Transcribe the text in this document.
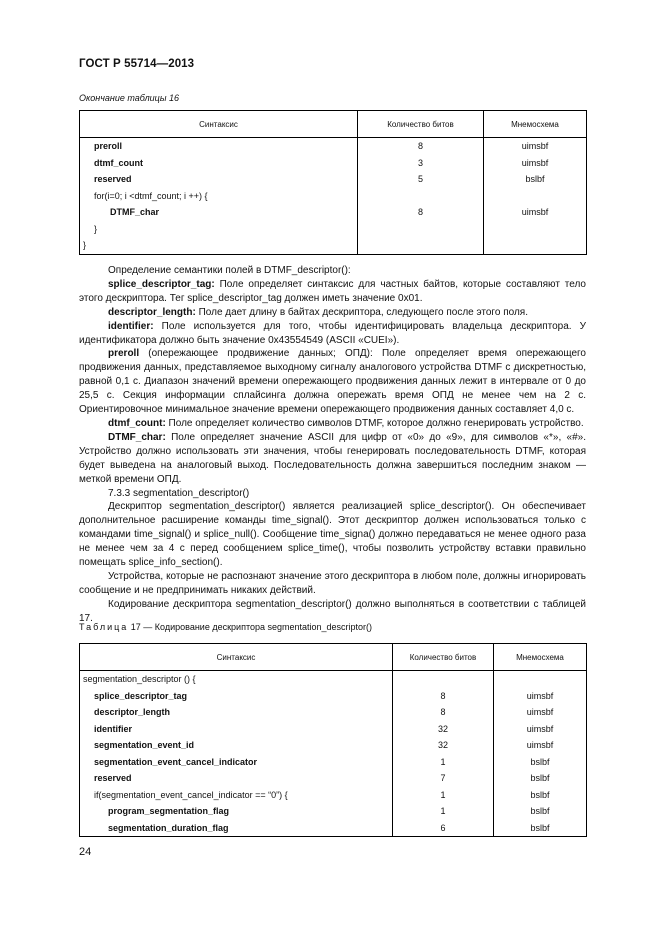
ГОСТ Р 55714—2013
Окончание таблицы 16
Синтаксис	Количество битов	Мнемосхема
preroll	8	uimsbf
dtmf_count	3	uimsbf
reserved	5	bslbf
for(i=0; i <dtmf_count; i ++) {		
DTMF_char	8	uimsbf
}		
}		

Определение семантики полей в DTMF_descriptor():

splice_descriptor_tag: Поле определяет синтаксис для частных байтов, которые составляют тело этого дескриптора. Тег splice_descriptor_tag должен иметь значение 0x01.

descriptor_length: Поле дает длину в байтах дескриптора, следующего после этого поля.

identifier: Поле используется для того, чтобы идентифицировать владельца дескриптора. У идентификатора должно быть значение 0x43554549 (ASCII «CUEI»).

preroll (опережающее продвижение данных; ОПД): Поле определяет время опережающего продвижения данных, представляемое выходному сигналу аналогового устройства DTMF с дискретностью, равной 0,1 с. Диапазон значений времени опережающего продвижения данных лежит в интервале от 0 до 25,5 с. Секция информации сплайсинга должна опережать время ОПД не менее чем на 2 с. Ориентировочное минимальное значение времени опережающего продвижения данных составляет 4,0 с.

dtmf_count: Поле определяет количество символов DTMF, которое должно генерировать устройство.

DTMF_char: Поле определяет значение ASCII для цифр от «0» до «9», для символов «*», «#». Устройство должно использовать эти значения, чтобы генерировать последовательность DTMF, которая будет выведена на аналоговый выход. Последовательность должна завершиться последним знаком — меткой времени ОПД.

7.3.3 segmentation_descriptor()

Дескриптор segmentation_descriptor() является реализацией splice_descriptor(). Он обеспечивает дополнительное расширение команды time_signal(). Этот дескриптор должен использоваться только с командами time_signal() и splice_null(). Сообщение time_signa() должно передаваться не менее одного раза не менее чем за 4 с перед сообщением splice_time(), чтобы позволить устройству вставки правильно помещать splice_info_section().

Устройства, которые не распознают значение этого дескриптора в любом поле, должны игнорировать сообщение и не предпринимать никаких действий.

Кодирование дескриптора segmentation_descriptor() должно выполняться в соответствии с таблицей 17.

Таблица 17 — Кодирование дескриптора segmentation_descriptor()
Синтаксис	Количество битов	Мнемосхема
segmentation_descriptor () {		
splice_descriptor_tag	8	uimsbf
descriptor_length	8	uimsbf
identifier	32	uimsbf
segmentation_event_id	32	uimsbf
segmentation_event_cancel_indicator	1	bslbf
reserved	7	bslbf
if(segmentation_event_cancel_indicator == “0”) {	1	bslbf
program_segmentation_flag	1	bslbf
segmentation_duration_flag	6	bslbf
24
